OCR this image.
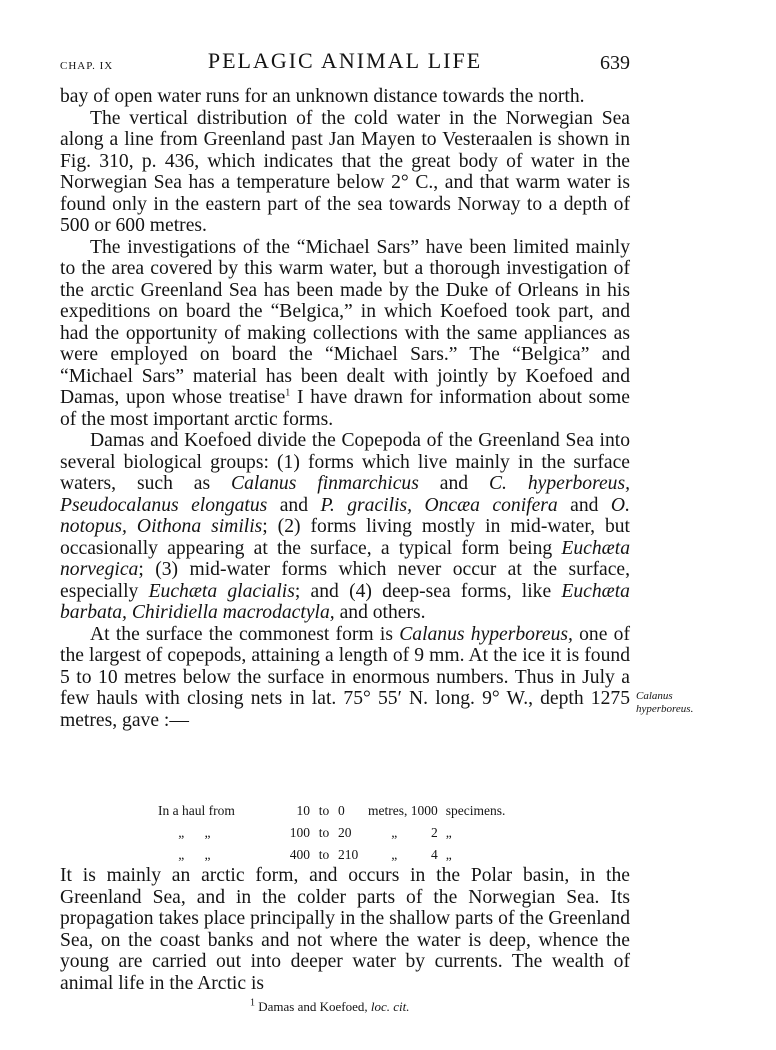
CHAP. IX	PELAGIC ANIMAL LIFE	639

bay of open water runs for an unknown distance towards the north.

The vertical distribution of the cold water in the Norwegian Sea along a line from Greenland past Jan Mayen to Vesteraalen is shown in Fig. 310, p. 436, which indicates that the great body of water in the Norwegian Sea has a temperature below 2° C., and that warm water is found only in the eastern part of the sea towards Norway to a depth of 500 or 600 metres.

The investigations of the “Michael Sars” have been limited mainly to the area covered by this warm water, but a thorough investigation of the arctic Greenland Sea has been made by the Duke of Orleans in his expeditions on board the “Belgica,” in which Koefoed took part, and had the opportunity of making collections with the same appliances as were employed on board the “Michael Sars.” The “Belgica” and “Michael Sars” material has been dealt with jointly by Koefoed and Damas, upon whose treatise$^1$ I have drawn for information about some of the most important arctic forms.

Damas and Koefoed divide the Copepoda of the Greenland Sea into several biological groups: (1) forms which live mainly in the surface waters, such as Calanus finmarchicus and C. hyperboreus, Pseudocalanus elongatus and P. gracilis, Oncæa conifera and O. notopus, Oithona similis; (2) forms living mostly in mid-water, but occasionally appearing at the surface, a typical form being Euchæta norvegica; (3) mid-water forms which never occur at the surface, especially Euchæta glacialis; and (4) deep-sea forms, like Euchæta barbata, Chiridiella macrodactyla, and others.

At the surface the commonest form is Calanus hyperboreus, one of the largest of copepods, attaining a length of 9 mm. At the ice it is found 5 to 10 metres below the surface in enormous numbers. Thus in July a few hauls with closing nets in lat. 75° 55′ N. long. 9° W., depth 1275 metres, gave :—

Calanus hyperboreus.
In a haul from	10	to	0	metres, 1000	specimens.
„      „	100	to	20	„          2	„
„      „	400	to	210	„          4	„

It is mainly an arctic form, and occurs in the Polar basin, in the Greenland Sea, and in the colder parts of the Norwegian Sea. Its propagation takes place principally in the shallow parts of the Greenland Sea, on the coast banks and not where the water is deep, whence the young are carried out into deeper water by currents. The wealth of animal life in the Arctic is

$^1$ Damas and Koefoed, loc. cit.
